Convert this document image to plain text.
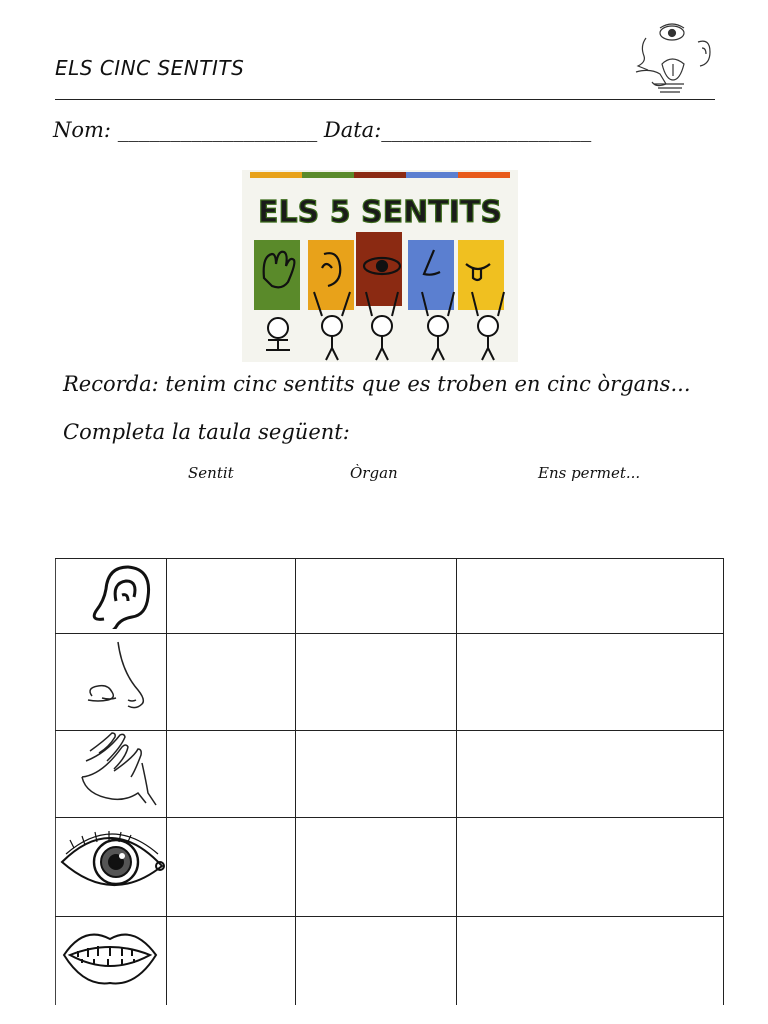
ELS CINC SENTITS
Nom: ___________________ Data:____________________
ELS 5 SENTITS
Recorda: tenim cinc sentits que es troben en cinc òrgans...
Completa la taula següent:
Sentit	Òrgan	Ens permet...
